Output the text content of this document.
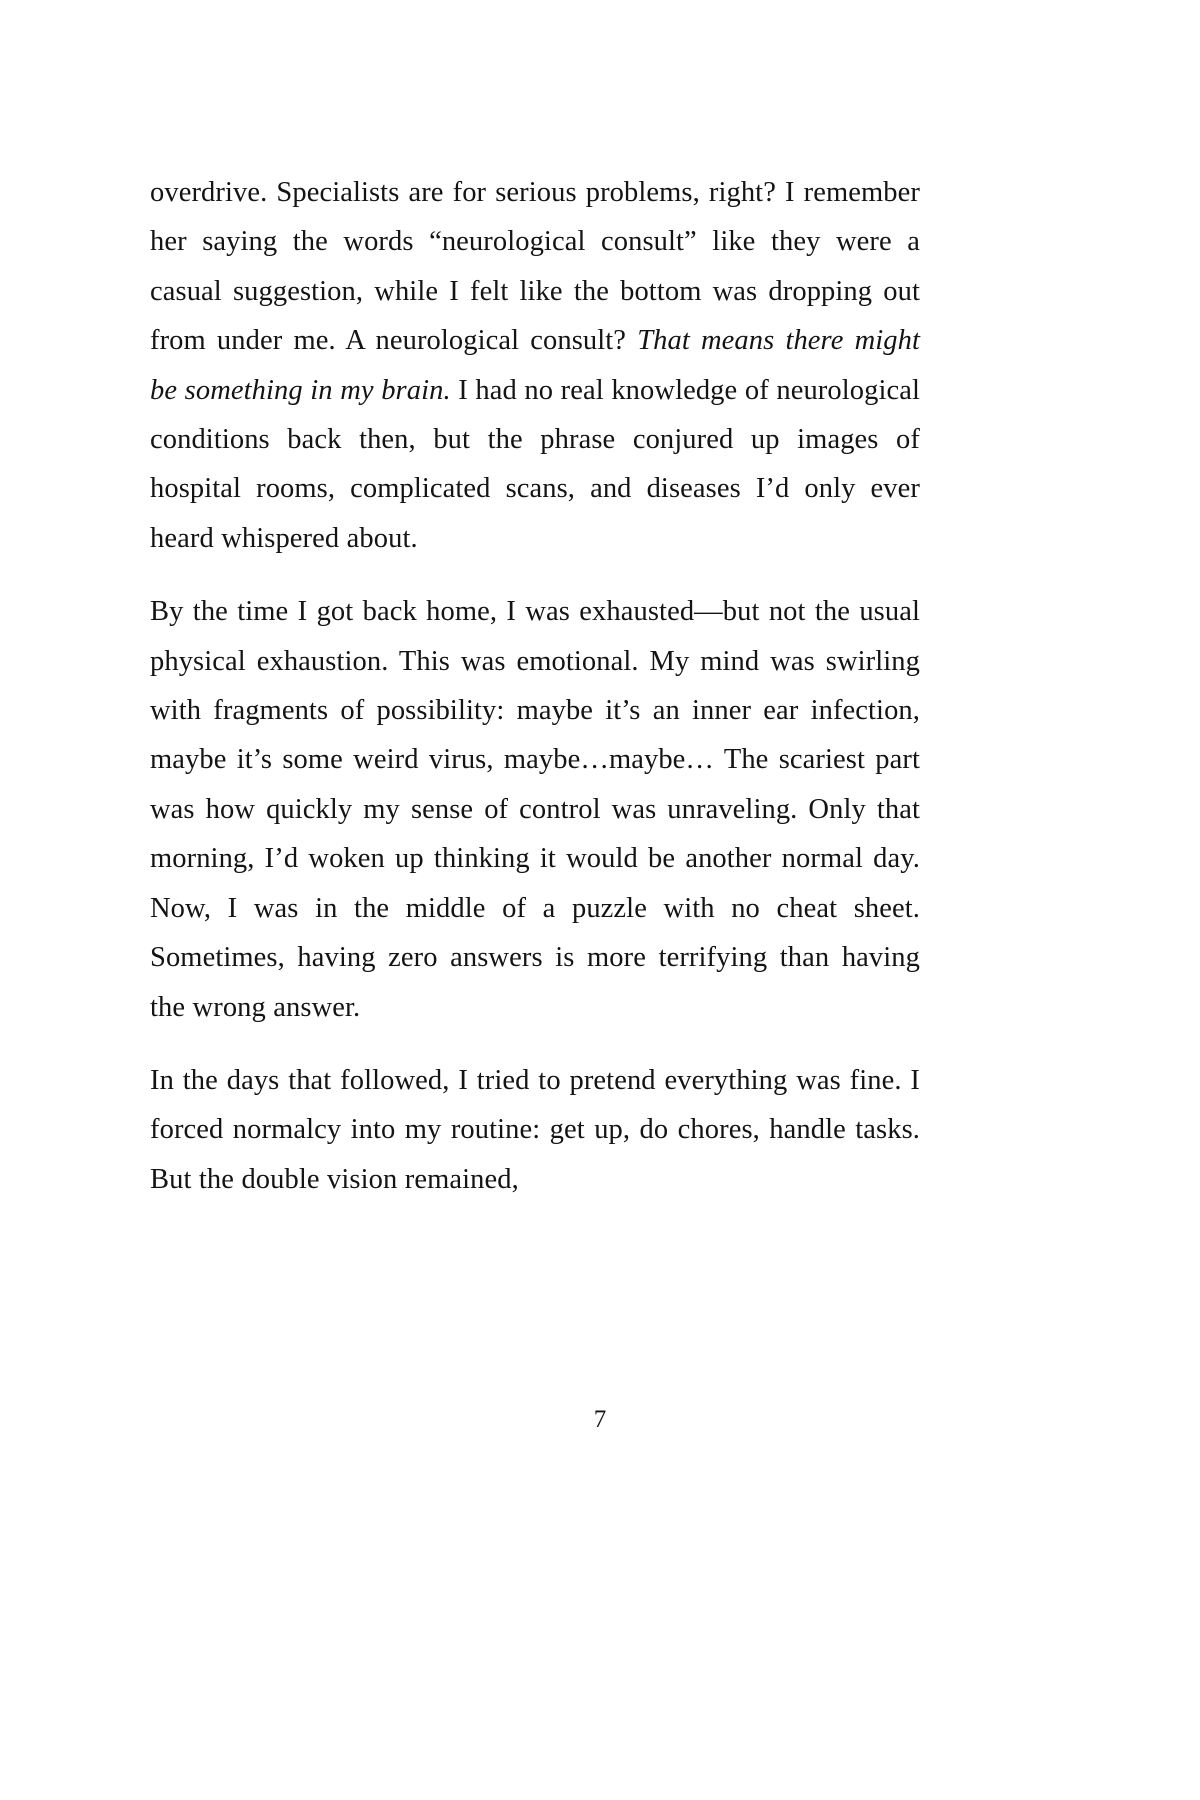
overdrive. Specialists are for serious problems, right? I remember her saying the words “neurological consult” like they were a casual suggestion, while I felt like the bottom was dropping out from under me. A neurological consult? That means there might be something in my brain. I had no real knowledge of neurological conditions back then, but the phrase conjured up images of hospital rooms, complicated scans, and diseases I’d only ever heard whispered about.

By the time I got back home, I was exhausted—but not the usual physical exhaustion. This was emotional. My mind was swirling with fragments of possibility: maybe it’s an inner ear infection, maybe it’s some weird virus, maybe…maybe… The scariest part was how quickly my sense of control was unraveling. Only that morning, I’d woken up thinking it would be another normal day. Now, I was in the middle of a puzzle with no cheat sheet. Sometimes, having zero answers is more terrifying than having the wrong answer.

In the days that followed, I tried to pretend everything was fine. I forced normalcy into my routine: get up, do chores, handle tasks. But the double vision remained,

7
